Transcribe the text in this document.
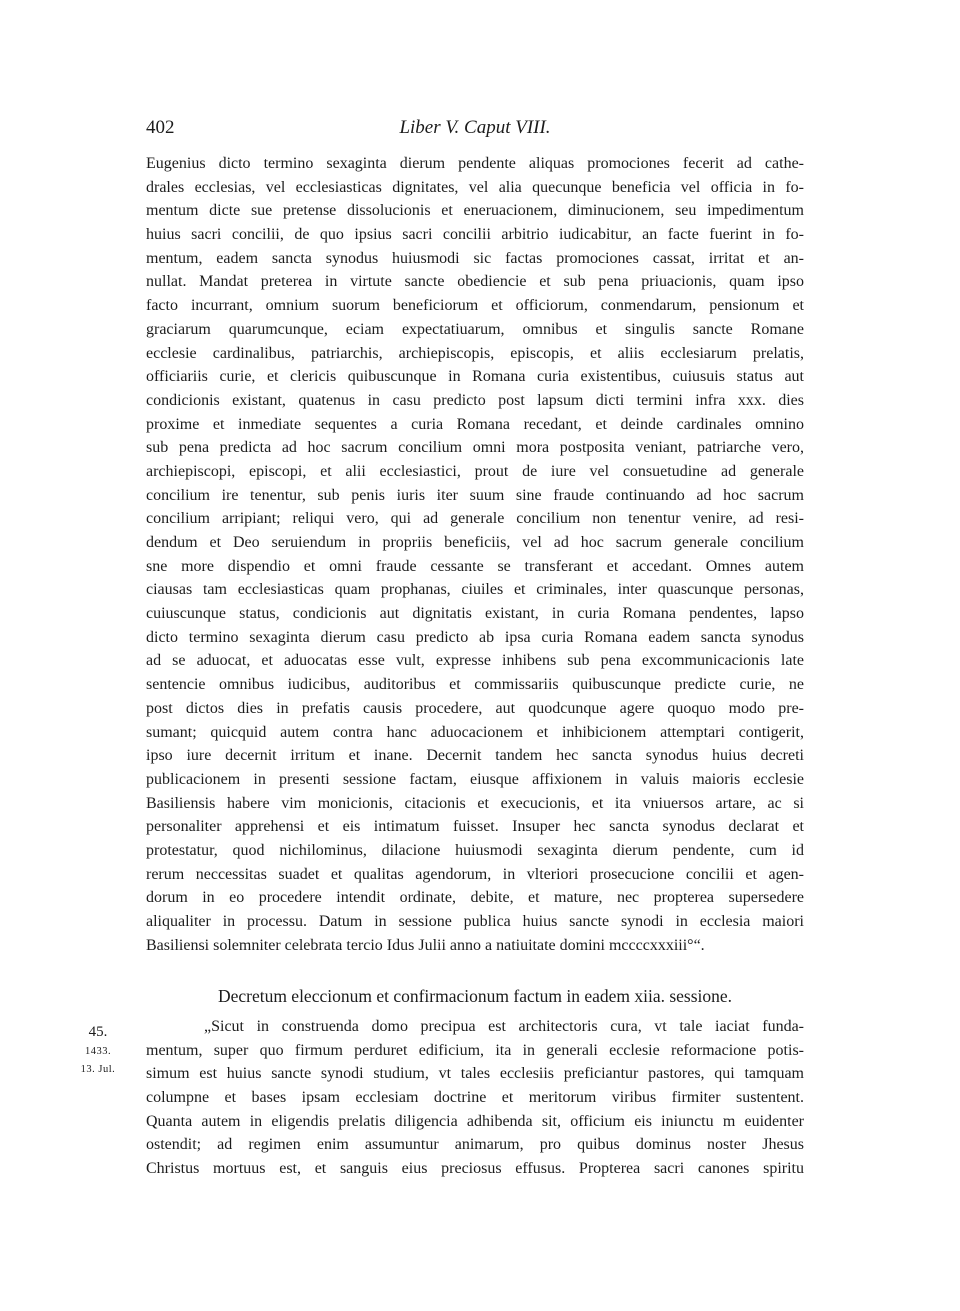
402	Liber V. Caput VIII.
Eugenius dicto termino sexaginta dierum pendente aliquas promociones fecerit ad cathe-
drales ecclesias, vel ecclesiasticas dignitates, vel alia quecunque beneficia vel officia in fo-
mentum dicte sue pretense dissolucionis et eneruacionem, diminucionem, seu impedimentum
huius sacri concilii, de quo ipsius sacri concilii arbitrio iudicabitur, an facte fuerint in fo-
mentum, eadem sancta synodus huiusmodi sic factas promociones cassat, irritat et an-
nullat. Mandat preterea in virtute sancte obediencie et sub pena priuacionis, quam ipso
facto incurrant, omnium suorum beneficiorum et officiorum, conmendarum, pensionum et
graciarum quarumcunque, eciam expectatiuarum, omnibus et singulis sancte Romane
ecclesie cardinalibus, patriarchis, archiepiscopis, episcopis, et aliis ecclesiarum prelatis,
officiariis curie, et clericis quibuscunque in Romana curia existentibus, cuiusuis status aut
condicionis existant, quatenus in casu predicto post lapsum dicti termini infra xxx. dies
proxime et inmediate sequentes a curia Romana recedant, et deinde cardinales omnino
sub pena predicta ad hoc sacrum concilium omni mora postposita veniant, patriarche vero,
archiepiscopi, episcopi, et alii ecclesiastici, prout de iure vel consuetudine ad generale
concilium ire tenentur, sub penis iuris iter suum sine fraude continuando ad hoc sacrum
concilium arripiant; reliqui vero, qui ad generale concilium non tenentur venire, ad resi-
dendum et Deo seruiendum in propriis beneficiis, vel ad hoc sacrum generale concilium
sne more dispendio et omni fraude cessante se transferant et accedant. Omnes autem
ciausas tam ecclesiasticas quam prophanas, ciuiles et criminales, inter quascunque personas,
cuiuscunque status, condicionis aut dignitatis existant, in curia Romana pendentes, lapso
dicto termino sexaginta dierum casu predicto ab ipsa curia Romana eadem sancta synodus
ad se aduocat, et aduocatas esse vult, expresse inhibens sub pena excommunicacionis late
sentencie omnibus iudicibus, auditoribus et commissariis quibuscunque predicte curie, ne
post dictos dies in prefatis causis procedere, aut quodcunque agere quoquo modo pre-
sumant; quicquid autem contra hanc aduocacionem et inhibicionem attemptari contigerit,
ipso iure decernit irritum et inane. Decernit tandem hec sancta synodus huius decreti
publicacionem in presenti sessione factam, eiusque affixionem in valuis maioris ecclesie
Basiliensis habere vim monicionis, citacionis et execucionis, et ita vniuersos artare, ac si
personaliter apprehensi et eis intimatum fuisset. Insuper hec sancta synodus declarat et
protestatur, quod nichilominus, dilacione huiusmodi sexaginta dierum pendente, cum id
rerum neccessitas suadet et qualitas agendorum, in vlteriori prosecucione concilii et agen-
dorum in eo procedere intendit ordinate, debite, et mature, nec propterea supersedere
aliqualiter in processu. Datum in sessione publica huius sancte synodi in ecclesia maiori
Basiliensi solemniter celebrata tercio Idus Julii anno a natiuitate domini mccccxxxiii°“.
Decretum eleccionum et confirmacionum factum in eadem xiia. sessione.
45.
1433.
13. Jul.
„Sicut in construenda domo precipua est architectoris cura, vt tale iaciat funda-
mentum, super quo firmum perduret edificium, ita in generali ecclesie reformacione potis-
simum est huius sancte synodi studium, vt tales ecclesiis preficiantur pastores, qui tamquam
columpne et bases ipsam ecclesiam doctrine et meritorum viribus firmiter sustentent.
Quanta autem in eligendis prelatis diligencia adhibenda sit, officium eis iniunctu m euidenter
ostendit; ad regimen enim assumuntur animarum, pro quibus dominus noster Jhesus
Christus mortuus est, et sanguis eius preciosus effusus. Propterea sacri canones spiritu
